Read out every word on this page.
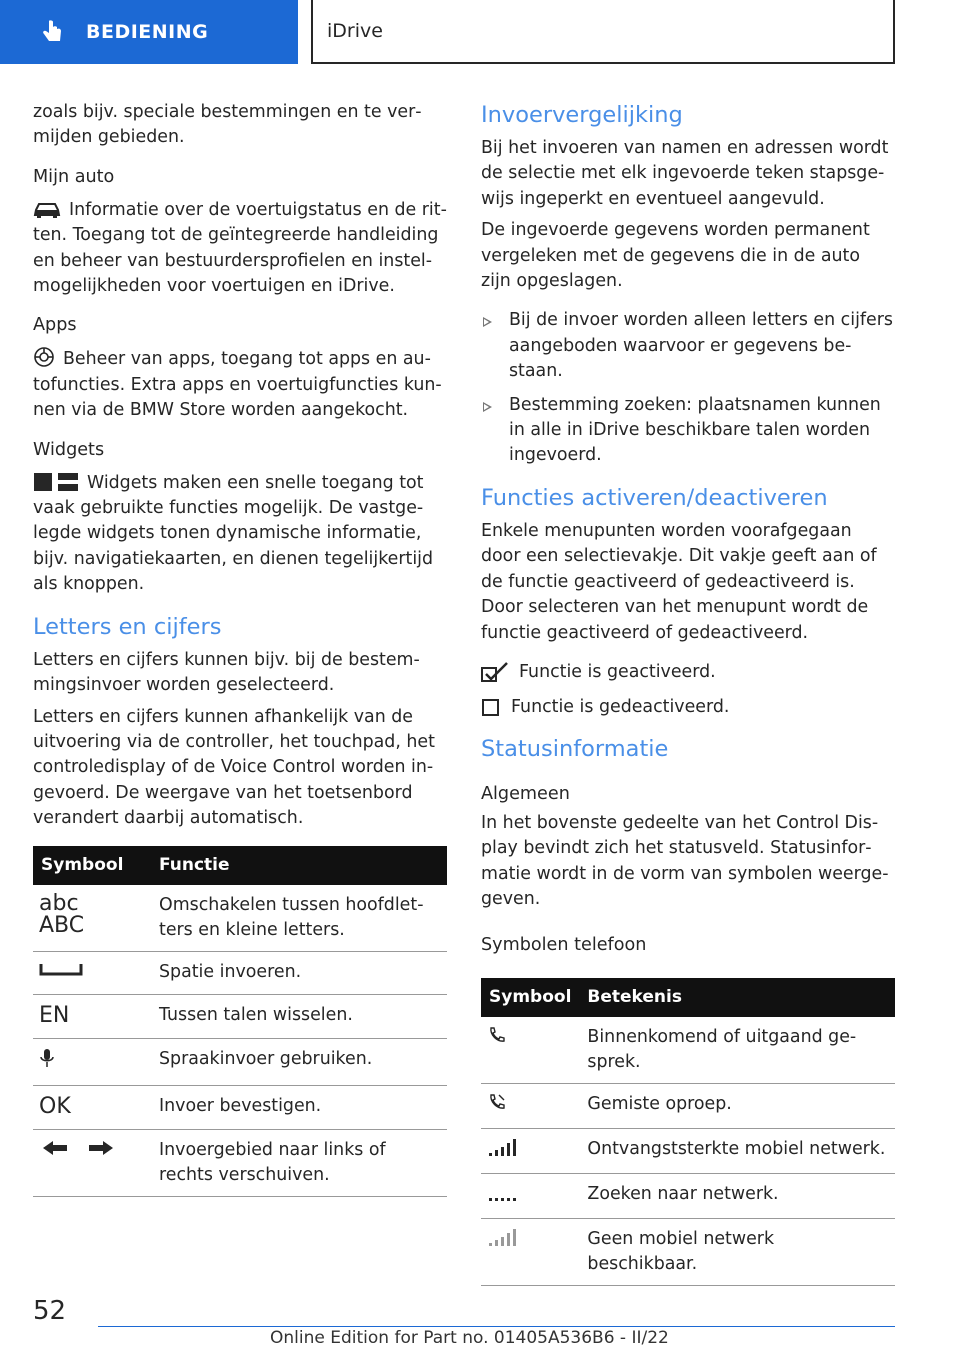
BEDIENING	iDrive

zoals bijv. speciale bestemmingen en te vermijden gebieden.

Mijn auto

Informatie over de voertuigstatus en de ritten. Toegang tot de geïntegreerde handleiding en beheer van bestuurdersprofielen en instelmogelijkheden voor voertuigen en iDrive.

Apps

Beheer van apps, toegang tot apps en autofuncties. Extra apps en voertuigfuncties kunnen via de BMW Store worden aangekocht.

Widgets

Widgets maken een snelle toegang tot vaak gebruikte functies mogelijk. De vastgelegde widgets tonen dynamische informatie, bijv. navigatiekaarten, en dienen tegelijkertijd als knoppen.

Letters en cijfers

Letters en cijfers kunnen bijv. bij de bestemmingsinvoer worden geselecteerd.

Letters en cijfers kunnen afhankelijk van de uitvoering via de controller, het touchpad, het controledisplay of de Voice Control worden ingevoerd. De weergave van het toetsenbord verandert daarbij automatisch.

Symbool	Functie

abc
ABC	Omschakelen tussen hoofdletters en kleine letters.
	Spatie invoeren.
EN	Tussen talen wisselen.
	Spraakinvoer gebruiken.
OK	Invoer bevestigen.
	Invoergebied naar links of rechts verschuiven.
Invoervergelijking

Bij het invoeren van namen en adressen wordt de selectie met elk ingevoerde teken stapsgewijs ingeperkt en eventueel aangevuld.

De ingevoerde gegevens worden permanent vergeleken met de gegevens die in de auto zijn opgeslagen.

Bij de invoer worden alleen letters en cijfers aangeboden waarvoor er gegevens bestaan.
Bestemming zoeken: plaatsnamen kunnen in alle in iDrive beschikbare talen worden ingevoerd.
Functies activeren/deactiveren

Enkele menupunten worden voorafgegaan door een selectievakje. Dit vakje geeft aan of de functie geactiveerd of gedeactiveerd is. Door selecteren van het menupunt wordt de functie geactiveerd of gedeactiveerd.

Functie is geactiveerd.
Functie is gedeactiveerd.
Statusinformatie

Algemeen

In het bovenste gedeelte van het Control Display bevindt zich het statusveld. Statusinformatie wordt in de vorm van symbolen weergegeven.

Symbolen telefoon

Symbool	Betekenis
	Binnenkomend of uitgaand gesprek.
	Gemiste oproep.
	Ontvangststerkte mobiel netwerk.
	Zoeken naar netwerk.
	Geen mobiel netwerk beschikbaar.
52
Online Edition for Part no. 01405A536B6 - II/22
